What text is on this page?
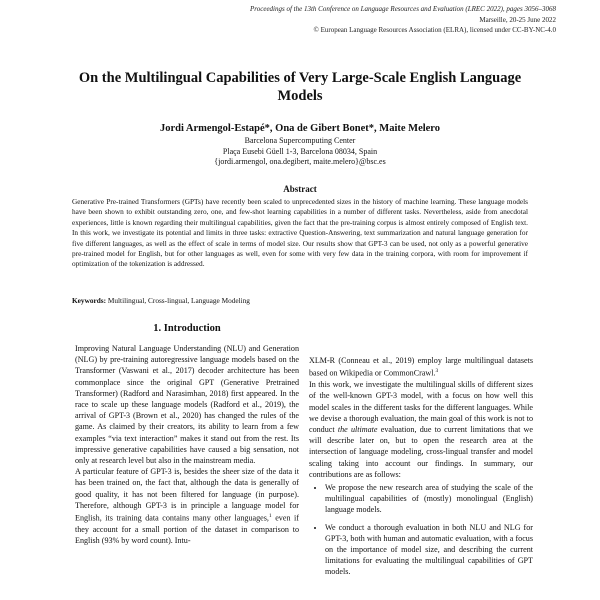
Proceedings of the 13th Conference on Language Resources and Evaluation (LREC 2022), pages 3056–3068
Marseille, 20-25 June 2022
© European Language Resources Association (ELRA), licensed under CC-BY-NC-4.0
On the Multilingual Capabilities of Very Large-Scale English Language Models
Jordi Armengol-Estapé*, Ona de Gibert Bonet*, Maite Melero
Barcelona Supercomputing Center
Plaça Eusebi Güell 1-3, Barcelona 08034, Spain
{jordi.armengol, ona.degibert, maite.melero}@bsc.es
Abstract
Generative Pre-trained Transformers (GPTs) have recently been scaled to unprecedented sizes in the history of machine learning. These language models have been shown to exhibit outstanding zero, one, and few-shot learning capabilities in a number of different tasks. Nevertheless, aside from anecdotal experiences, little is known regarding their multilingual capabilities, given the fact that the pre-training corpus is almost entirely composed of English text. In this work, we investigate its potential and limits in three tasks: extractive Question-Answering, text summarization and natural language generation for five different languages, as well as the effect of scale in terms of model size. Our results show that GPT-3 can be used, not only as a powerful generative pre-trained model for English, but for other languages as well, even for some with very few data in the training corpora, with room for improvement if optimization of the tokenization is addressed.
Keywords: Multilingual, Cross-lingual, Language Modeling
1. Introduction

Improving Natural Language Understanding (NLU) and Generation (NLG) by pre-training autoregressive language models based on the Transformer (Vaswani et al., 2017) decoder architecture has been commonplace since the original GPT (Generative Pretrained Transformer) (Radford and Narasimhan, 2018) first appeared. In the race to scale up these language models (Radford et al., 2019), the arrival of GPT-3 (Brown et al., 2020) has changed the rules of the game. As claimed by their creators, its ability to learn from a few examples “via text interaction” makes it stand out from the rest. Its impressive generative capabilities have caused a big sensation, not only at research level but also in the mainstream media.

A particular feature of GPT-3 is, besides the sheer size of the data it has been trained on, the fact that, although the data is generally of good quality, it has not been filtered for language (in purpose). Therefore, although GPT-3 is in principle a language model for English, its training data contains many other languages,$^1$ even if they account for a small portion of the dataset in comparison to English (93% by word count). Intu-

XLM-R (Conneau et al., 2019) employ large multilingual datasets based on Wikipedia or CommonCrawl.$^3$

In this work, we investigate the multilingual skills of different sizes of the well-known GPT-3 model, with a focus on how well this model scales in the different tasks for the different languages. While we devise a thorough evaluation, the main goal of this work is not to conduct the ultimate evaluation, due to current limitations that we will describe later on, but to open the research area at the intersection of language modeling, cross-lingual transfer and model scaling taking into account our findings. In summary, our contributions are as follows:

• We propose the new research area of studying the scale of the multilingual capabilities of (mostly) monolingual (English) language models.
• We conduct a thorough evaluation in both NLU and NLG for GPT-3, both with human and automatic evaluation, with a focus on the importance of model size, and describing the current limitations for evaluating the multilingual capabilities of GPT models.
